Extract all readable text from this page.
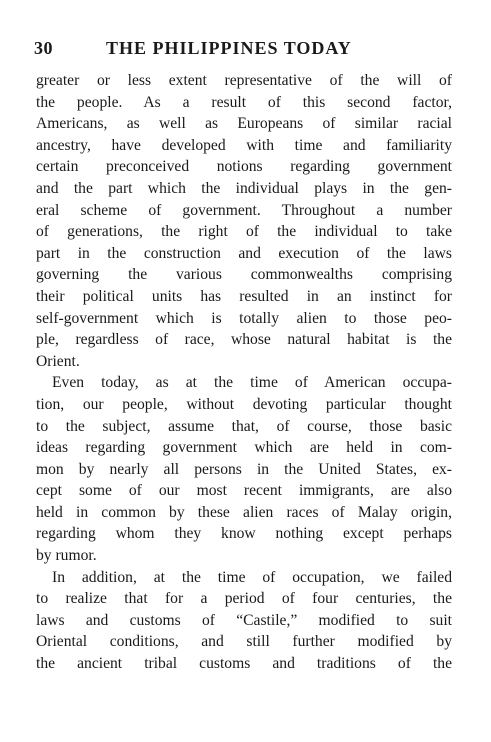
30	THE PHILIPPINES TODAY
greater or less extent representative of the will of
the people. As a result of this second factor,
Americans, as well as Europeans of similar racial
ancestry, have developed with time and familiarity
certain preconceived notions regarding government
and the part which the individual plays in the gen-
eral scheme of government. Throughout a number
of generations, the right of the individual to take
part in the construction and execution of the laws
governing the various commonwealths comprising
their political units has resulted in an instinct for
self-government which is totally alien to those peo-
ple, regardless of race, whose natural habitat is the
Orient.
Even today, as at the time of American occupa-
tion, our people, without devoting particular thought
to the subject, assume that, of course, those basic
ideas regarding government which are held in com-
mon by nearly all persons in the United States, ex-
cept some of our most recent immigrants, are also
held in common by these alien races of Malay origin,
regarding whom they know nothing except perhaps
by rumor.
In addition, at the time of occupation, we failed
to realize that for a period of four centuries, the
laws and customs of “Castile,” modified to suit
Oriental conditions, and still further modified by
the ancient tribal customs and traditions of the
